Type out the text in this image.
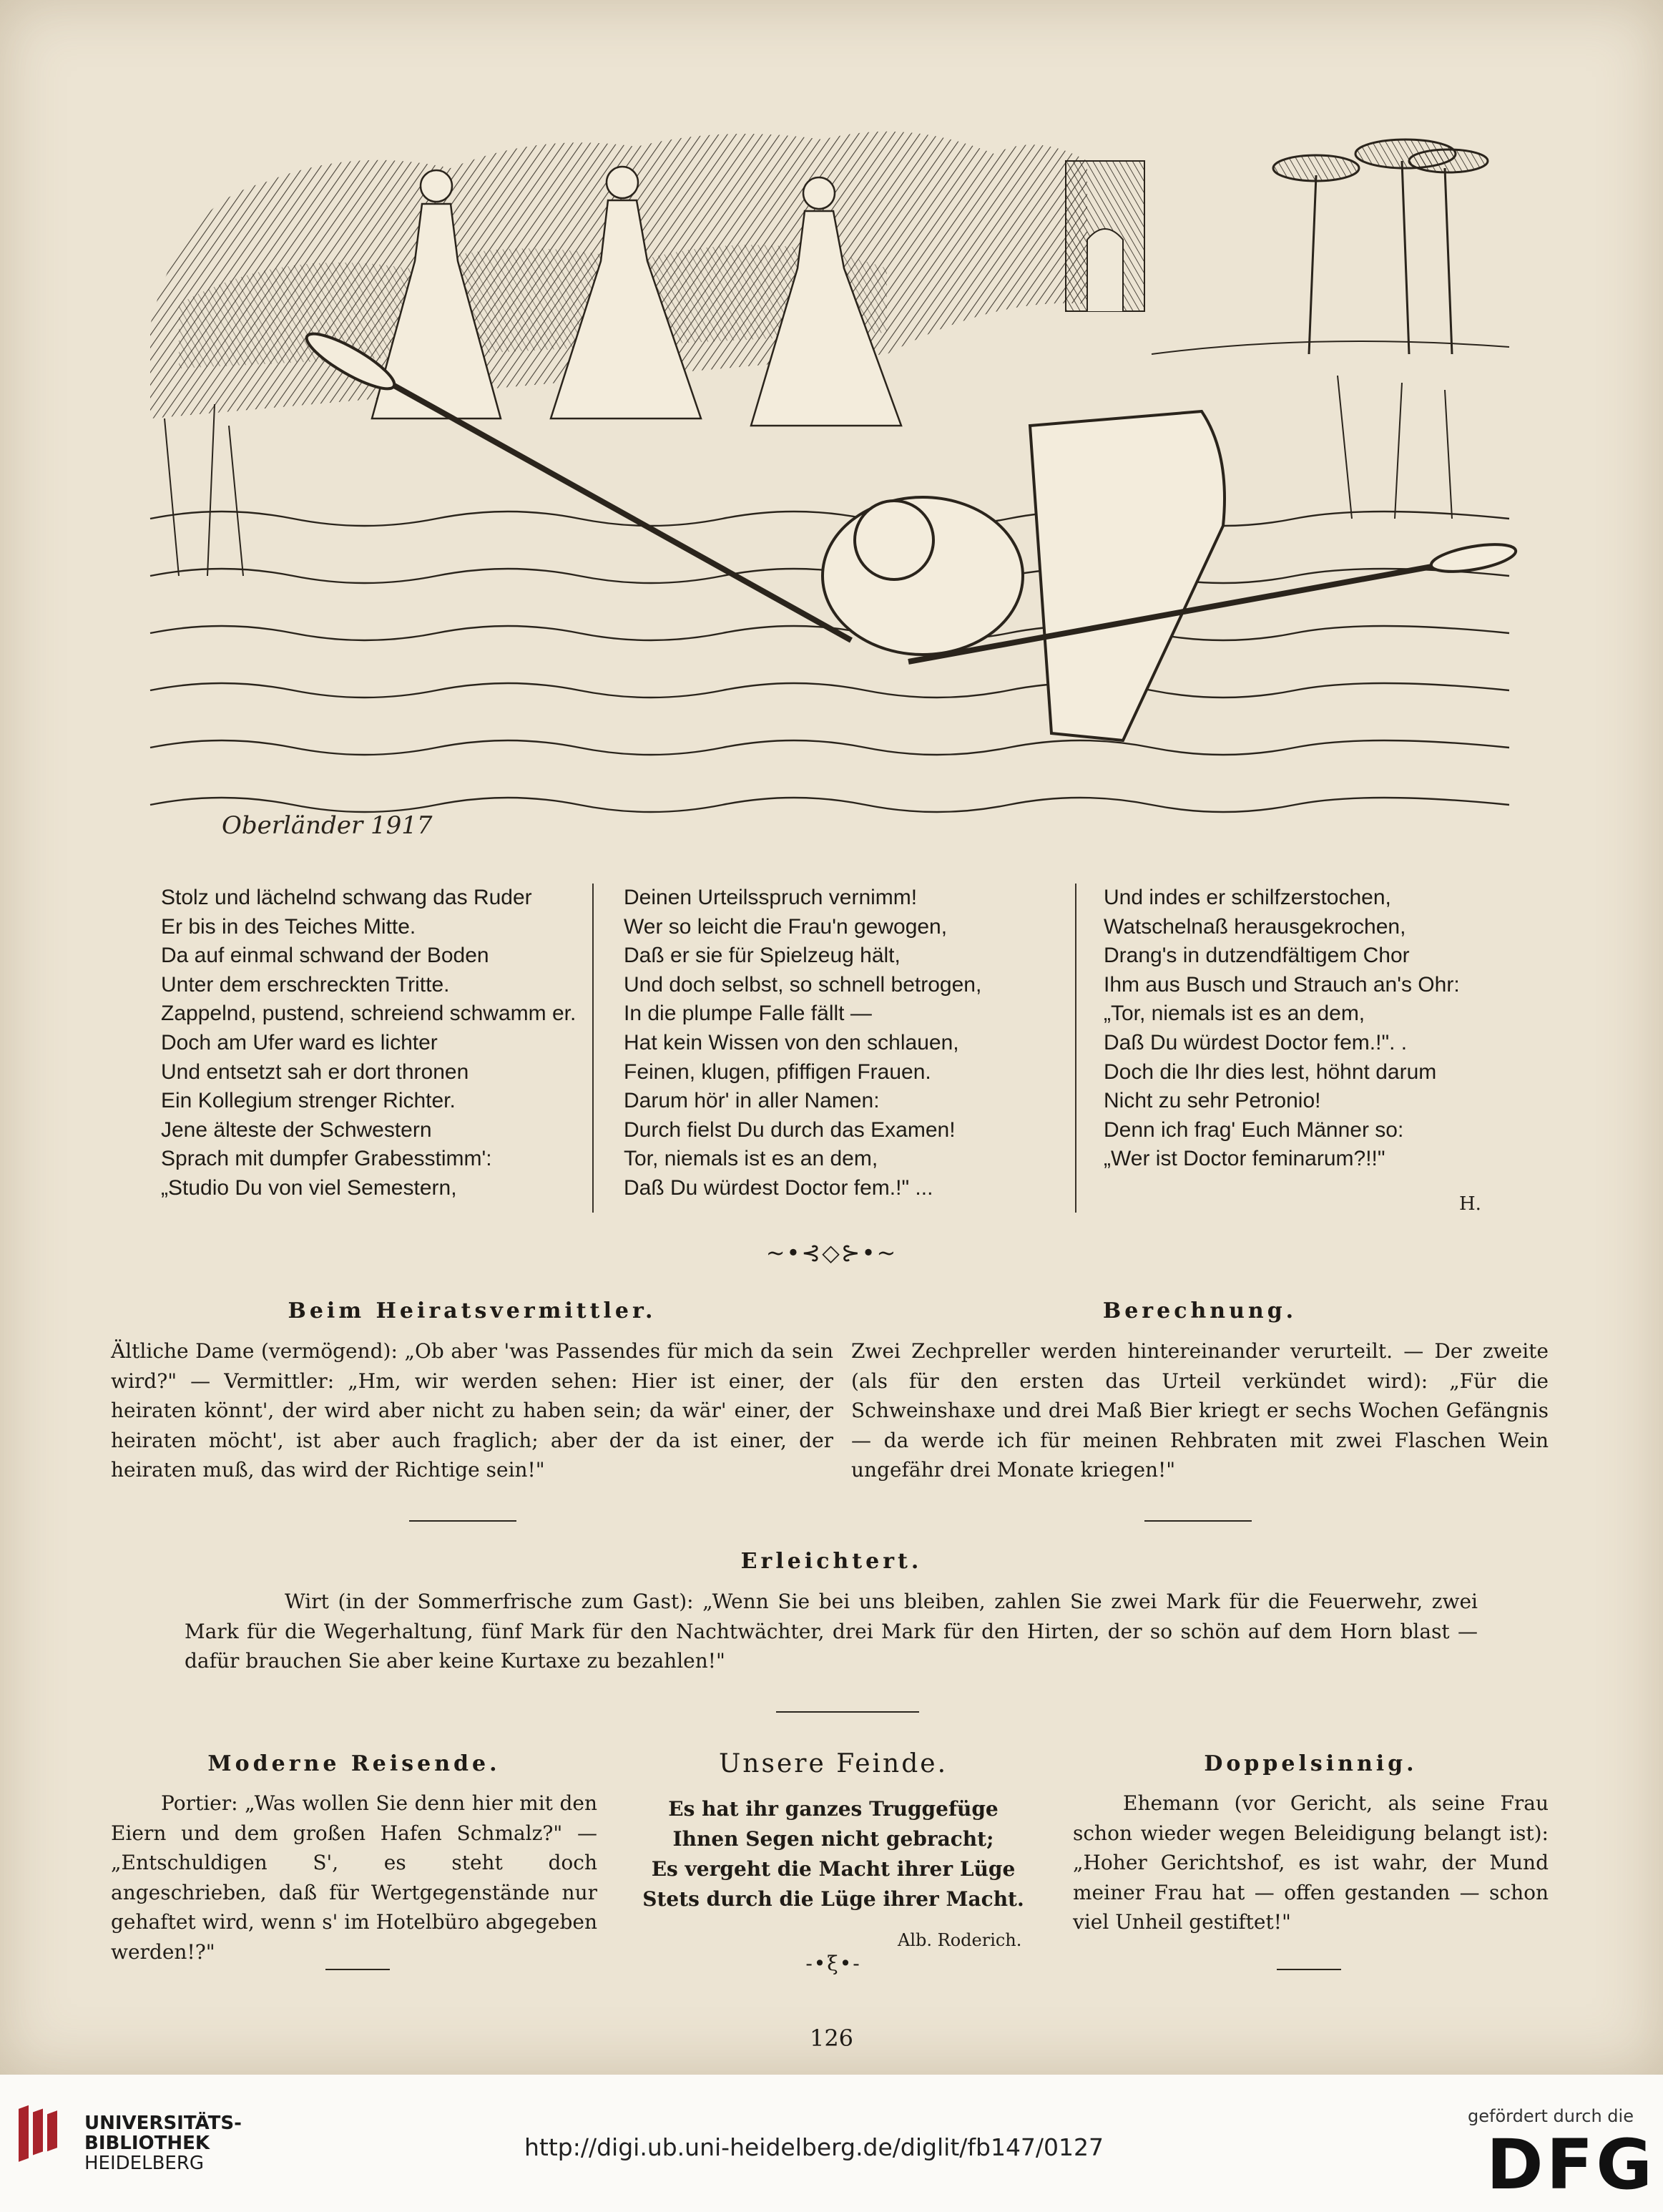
Oberländer 1917
Stolz und lächelnd schwang das Ruder
Er bis in des Teiches Mitte.
Da auf einmal schwand der Boden
Unter dem erschreckten Tritte.
Zappelnd, pustend, schreiend schwamm er.
Doch am Ufer ward es lichter
Und entsetzt sah er dort thronen
Ein Kollegium strenger Richter.
Jene älteste der Schwestern
Sprach mit dumpfer Grabesstimm':
„Studio Du von viel Semestern,
Deinen Urteilsspruch vernimm!
Wer so leicht die Frau'n gewogen,
Daß er sie für Spielzeug hält,
Und doch selbst, so schnell betrogen,
In die plumpe Falle fällt —
Hat kein Wissen von den schlauen,
Feinen, klugen, pfiffigen Frauen.
Darum hör' in aller Namen:
Durch fielst Du durch das Examen!
Tor, niemals ist es an dem,
Daß Du würdest Doctor fem.!" ...
Und indes er schilfzerstochen,
Watschelnaß herausgekrochen,
Drang's in dutzendfältigem Chor
Ihm aus Busch und Strauch an's Ohr:
„Tor, niemals ist es an dem,
Daß Du würdest Doctor fem.!". .
Doch die Ihr dies lest, höhnt darum
Nicht zu sehr Petronio!
Denn ich frag' Euch Männer so:
„Wer ist Doctor feminarum?!!"
H.
~•⊰◇⊱•~
Beim Heiratsvermittler.
Ältliche Dame (vermögend): „Ob aber 'was Passendes für mich da sein wird?" — Vermittler: „Hm, wir werden sehen: Hier ist einer, der heiraten könnt', der wird aber nicht zu haben sein; da wär' einer, der heiraten möcht', ist aber auch fraglich; aber der da ist einer, der heiraten muß, das wird der Richtige sein!"
Berechnung.
Zwei Zechpreller werden hintereinander verurteilt. — Der zweite (als für den ersten das Urteil verkündet wird): „Für die Schweinshaxe und drei Maß Bier kriegt er sechs Wochen Gefängnis — da werde ich für meinen Rehbraten mit zwei Flaschen Wein ungefähr drei Monate kriegen!"
Erleichtert.
Wirt (in der Sommerfrische zum Gast): „Wenn Sie bei uns bleiben, zahlen Sie zwei Mark für die Feuerwehr, zwei Mark für die Wegerhaltung, fünf Mark für den Nachtwächter, drei Mark für den Hirten, der so schön auf dem Horn blast — dafür brauchen Sie aber keine Kurtaxe zu bezahlen!"
Moderne Reisende.
Portier: „Was wollen Sie denn hier mit den Eiern und dem großen Hafen Schmalz?" — „Entschuldigen S', es steht doch angeschrieben, daß für Wertgegenstände nur gehaftet wird, wenn s' im Hotelbüro abgegeben werden!?"
Unsere Feinde.
Es hat ihr ganzes Truggefüge
Ihnen Segen nicht gebracht;
Es vergeht die Macht ihrer Lüge
Stets durch die Lüge ihrer Macht.
Alb. Roderich.
-•ξ•-
Doppelsinnig.
Ehemann (vor Gericht, als seine Frau schon wieder wegen Beleidigung belangt ist): „Hoher Gerichtshof, es ist wahr, der Mund meiner Frau hat — offen gestanden — schon viel Unheil gestiftet!"
126
UNIVERSITÄTS-
BIBLIOTHEK
HEIDELBERG
http://digi.ub.uni-heidelberg.de/diglit/fb147/0127
gefördert durch die
DFG
